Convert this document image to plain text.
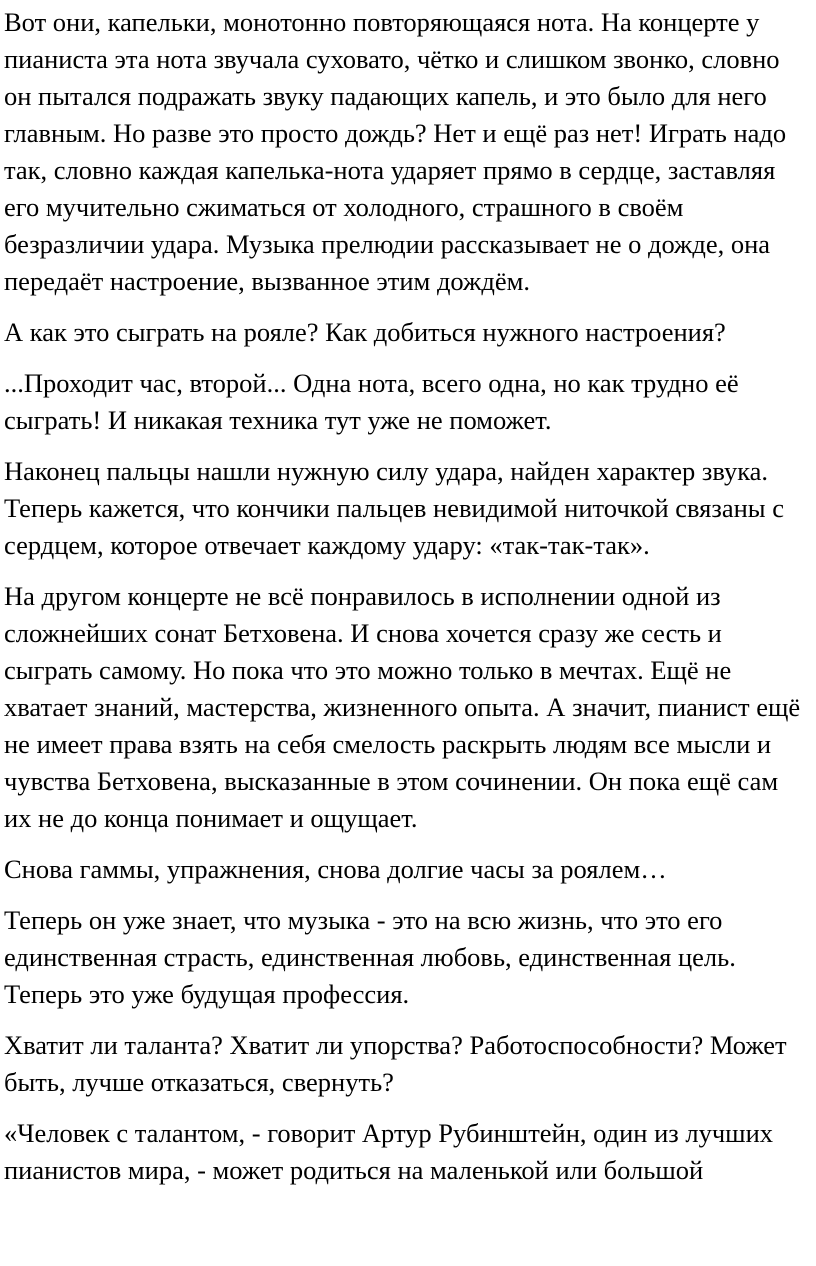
Вот они, капельки, монотонно повторяющаяся нота. На концерте у пианиста эта нота звучала суховато, чётко и слишком звонко, словно он пытался подражать звуку падающих капель, и это было для него главным. Но разве это просто дождь? Нет и ещё раз нет! Играть надо так, словно каждая капелька-нота ударяет прямо в сердце, заставляя его мучительно сжиматься от холодного, страшного в своём безразличии удара. Музыка прелюдии рассказывает не о дожде, она передаёт настроение, вызванное этим дождём.

А как это сыграть на рояле? Как добиться нужного настроения?

...Проходит час, второй... Одна нота, всего одна, но как трудно её сыграть! И никакая техника тут уже не поможет.

Наконец пальцы нашли нужную силу удара, найден характер звука. Теперь кажется, что кончики пальцев невидимой ниточкой связаны с сердцем, которое отвечает каждому удару: «так-так-так».

На другом концерте не всё понравилось в исполнении одной из сложнейших сонат Бетховена. И снова хочется сразу же сесть и сыграть самому. Но пока что это можно только в мечтах. Ещё не хватает знаний, мастерства, жизненного опыта. А значит, пианист ещё не имеет права взять на себя смелость раскрыть людям все мысли и чувства Бетховена, высказанные в этом сочинении. Он пока ещё сам их не до конца понимает и ощущает.

Снова гаммы, упражнения, снова долгие часы за роялем…

Теперь он уже знает, что музыка - это на всю жизнь, что это его единственная страсть, единственная любовь, единственная цель. Теперь это уже будущая профессия.

Хватит ли таланта? Хватит ли упорства? Работоспособности? Может быть, лучше отказаться, свернуть?

«Человек с талантом, - говорит Артур Рубинштейн, один из лучших пианистов мира, - может родиться на маленькой или большой
